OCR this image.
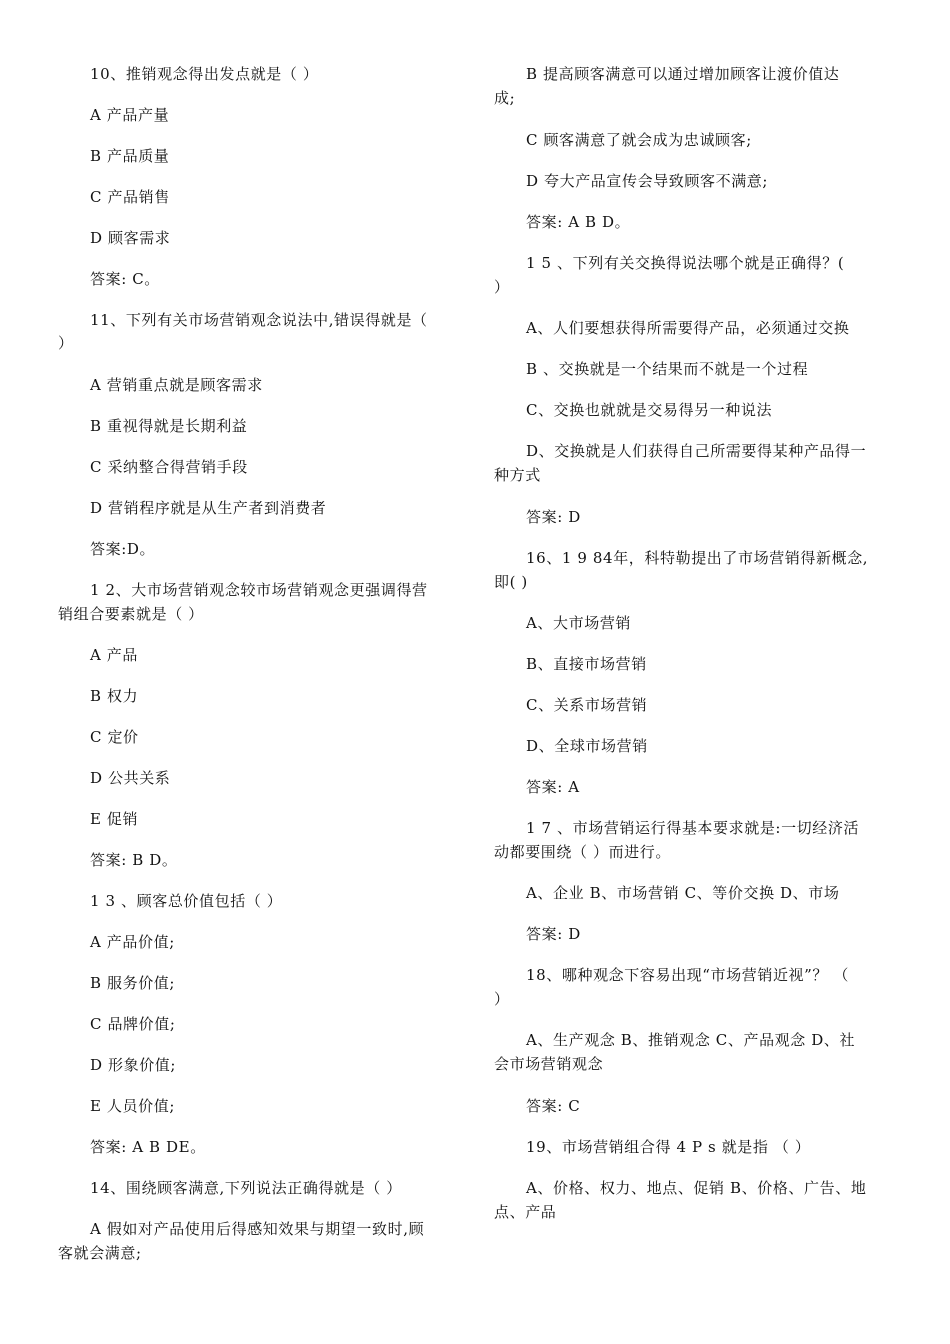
10、推销观念得出发点就是（ ）
A 产品产量
B 产品质量
C 产品销售
D 顾客需求
答案: C。
11、下列有关市场营销观念说法中,错误得就是（
）
A 营销重点就是顾客需求
B 重视得就是长期利益
C 采纳整合得营销手段
D 营销程序就是从生产者到消费者
答案:D。
1 2、大市场营销观念较市场营销观念更强调得营
销组合要素就是（ ）
A 产品
B 权力
C 定价
D 公共关系
E 促销
答案: B D。
1 3 、顾客总价值包括（ ）
A 产品价值;
B 服务价值;
C 品牌价值;
D 形象价值;
E 人员价值;
答案: A B DE。
14、围绕顾客满意,下列说法正确得就是（ ）
A 假如对产品使用后得感知效果与期望一致时,顾
客就会满意;
B 提高顾客满意可以通过增加顾客让渡价值达
成;
C 顾客满意了就会成为忠诚顾客;
D 夸大产品宣传会导致顾客不满意;
答案: A B D。
1 5 、下列有关交换得说法哪个就是正确得？(
）
A、人们要想获得所需要得产品，必须通过交换
B 、交换就是一个结果而不就是一个过程
C、交换也就就是交易得另一种说法
D、交换就是人们获得自己所需要得某种产品得一
种方式
答案: D
16、1 9 84年，科特勒提出了市场营销得新概念,
即( )
A、大市场营销
B、直接市场营销
C、关系市场营销
D、全球市场营销
答案: A
1 7 、市场营销运行得基本要求就是:一切经济活
动都要围绕（ ）而进行。
A、企业 B、市场营销 C、等价交换 D、市场
答案: D
18、哪种观念下容易出现“市场营销近视”？ （
）
A、生产观念 B、推销观念 C、产品观念 D、社
会市场营销观念
答案: C
19、市场营销组合得 4 P s 就是指 （ ）
A、价格、权力、地点、促销 B、价格、广告、地
点、产品
